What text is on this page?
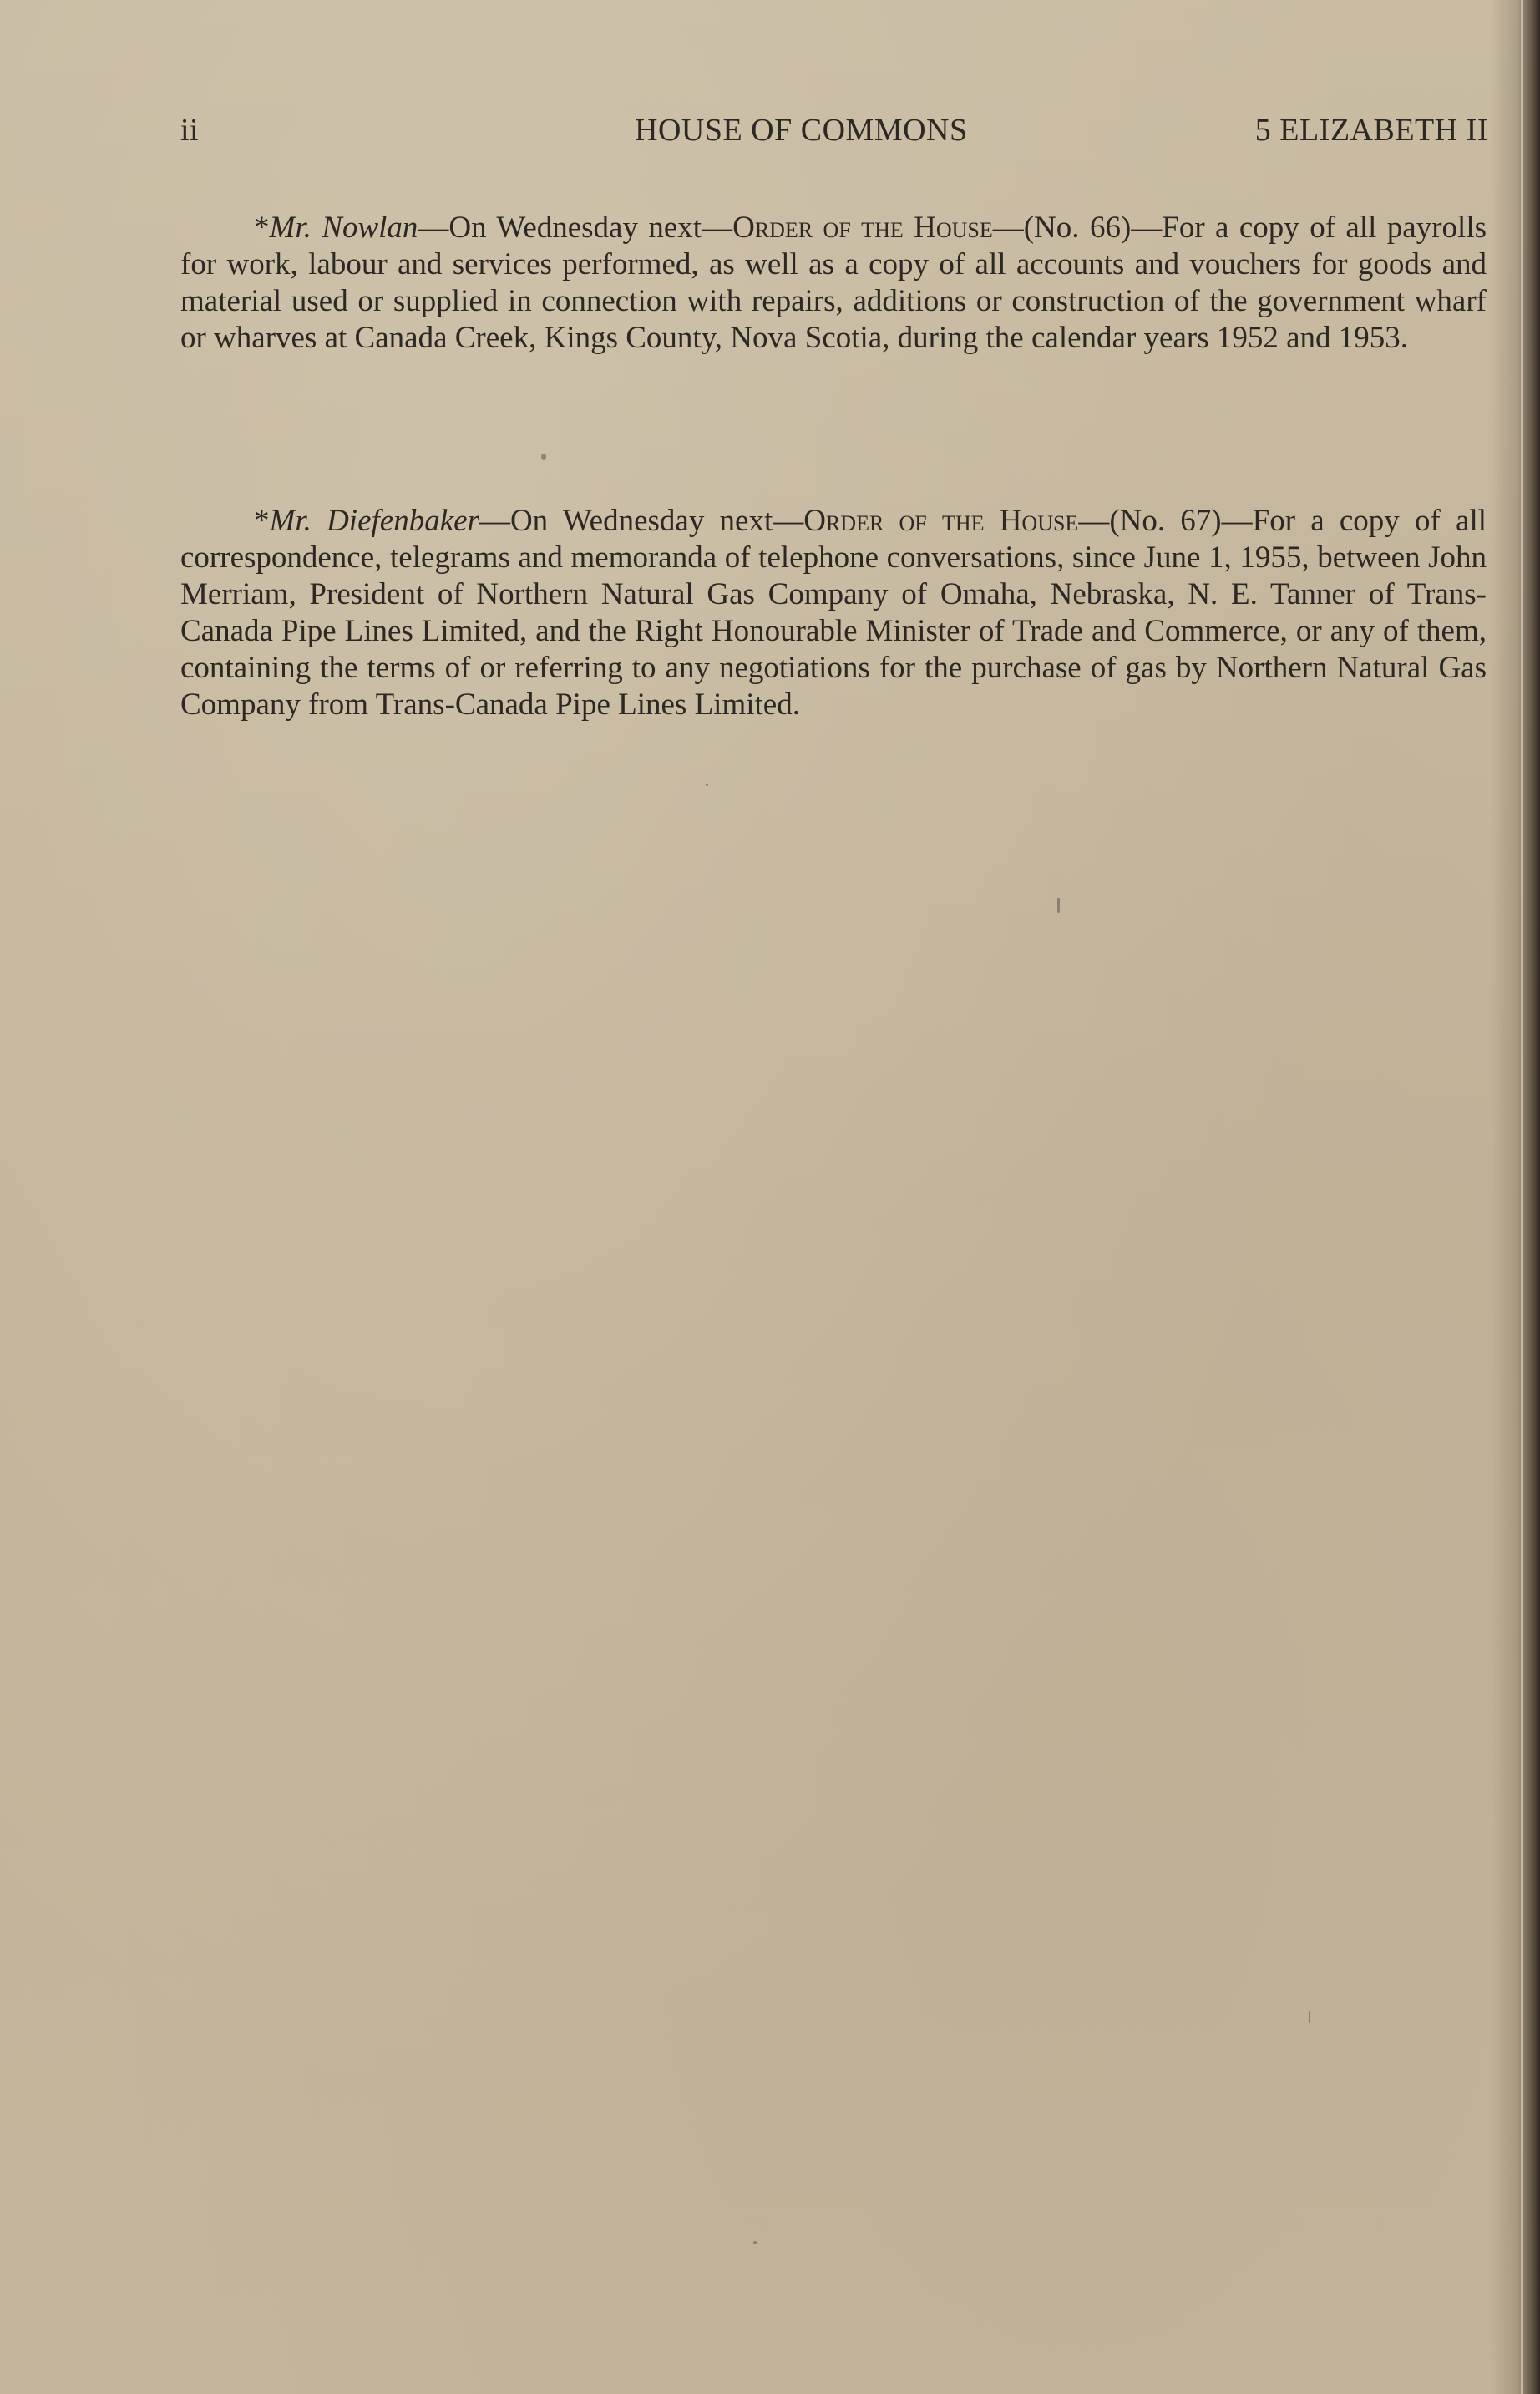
ii	HOUSE OF COMMONS	5 ELIZABETH II

*Mr. Nowlan—On Wednesday next—Order of the House—(No. 66)—For a copy of all payrolls for work, labour and services performed, as well as a copy of all accounts and vouchers for goods and material used or supplied in connection with repairs, additions or construction of the government wharf or wharves at Canada Creek, Kings County, Nova Scotia, during the calendar years 1952 and 1953.

*Mr. Diefenbaker—On Wednesday next—Order of the House—(No. 67)—For a copy of all correspondence, telegrams and memoranda of telephone conversations, since June 1, 1955, between John Merriam, President of Northern Natural Gas Company of Omaha, Nebraska, N. E. Tanner of Trans-Canada Pipe Lines Limited, and the Right Honourable Minister of Trade and Commerce, or any of them, containing the terms of or referring to any negotiations for the purchase of gas by Northern Natural Gas Company from Trans-Canada Pipe Lines Limited.
